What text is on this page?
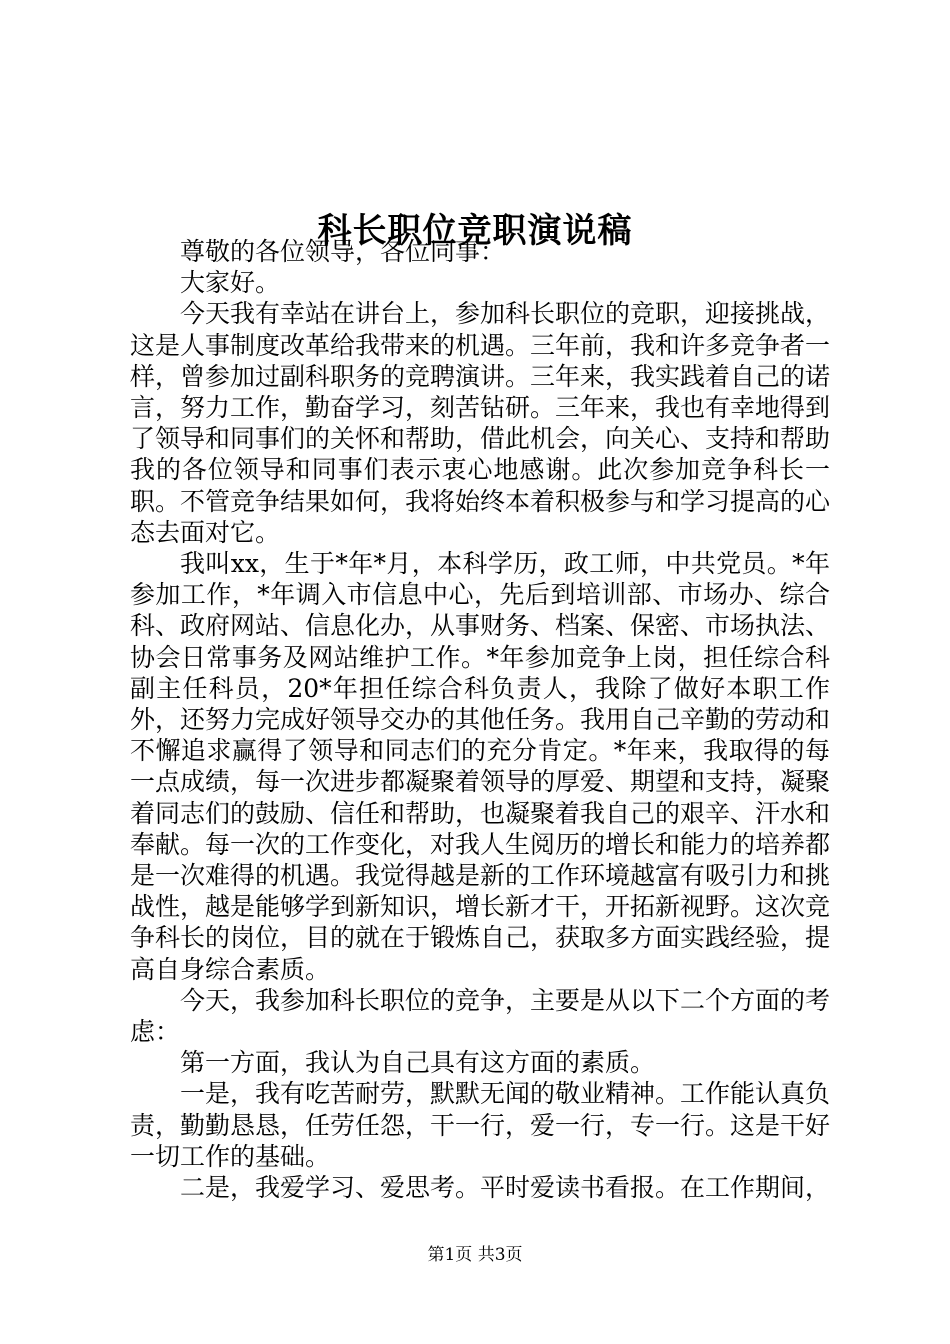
科长职位竞职演说稿

尊敬的各位领导，各位同事：

大家好。

今天我有幸站在讲台上，参加科长职位的竞职，迎接挑战，这是人事制度改革给我带来的机遇。三年前，我和许多竞争者一样，曾参加过副科职务的竞聘演讲。三年来，我实践着自己的诺言，努力工作，勤奋学习，刻苦钻研。三年来，我也有幸地得到了领导和同事们的关怀和帮助，借此机会，向关心、支持和帮助我的各位领导和同事们表示衷心地感谢。此次参加竞争科长一职。不管竞争结果如何，我将始终本着积极参与和学习提高的心态去面对它。

我叫xx，生于*年*月，本科学历，政工师，中共党员。*年参加工作，*年调入市信息中心，先后到培训部、市场办、综合科、政府网站、信息化办，从事财务、档案、保密、市场执法、协会日常事务及网站维护工作。*年参加竞争上岗，担任综合科副主任科员，20*年担任综合科负责人，我除了做好本职工作外，还努力完成好领导交办的其他任务。我用自己辛勤的劳动和不懈追求赢得了领导和同志们的充分肯定。*年来，我取得的每一点成绩，每一次进步都凝聚着领导的厚爱、期望和支持，凝聚着同志们的鼓励、信任和帮助，也凝聚着我自己的艰辛、汗水和奉献。每一次的工作变化，对我人生阅历的增长和能力的培养都是一次难得的机遇。我觉得越是新的工作环境越富有吸引力和挑战性，越是能够学到新知识，增长新才干，开拓新视野。这次竞争科长的岗位，目的就在于锻炼自己，获取多方面实践经验，提高自身综合素质。

今天，我参加科长职位的竞争，主要是从以下二个方面的考虑：

第一方面，我认为自己具有这方面的素质。

一是，我有吃苦耐劳，默默无闻的敬业精神。工作能认真负责，勤勤恳恳，任劳任怨，干一行，爱一行，专一行。这是干好一切工作的基础。

二是，我爱学习、爱思考。平时爱读书看报。在工作期间，

第1页 共3页
